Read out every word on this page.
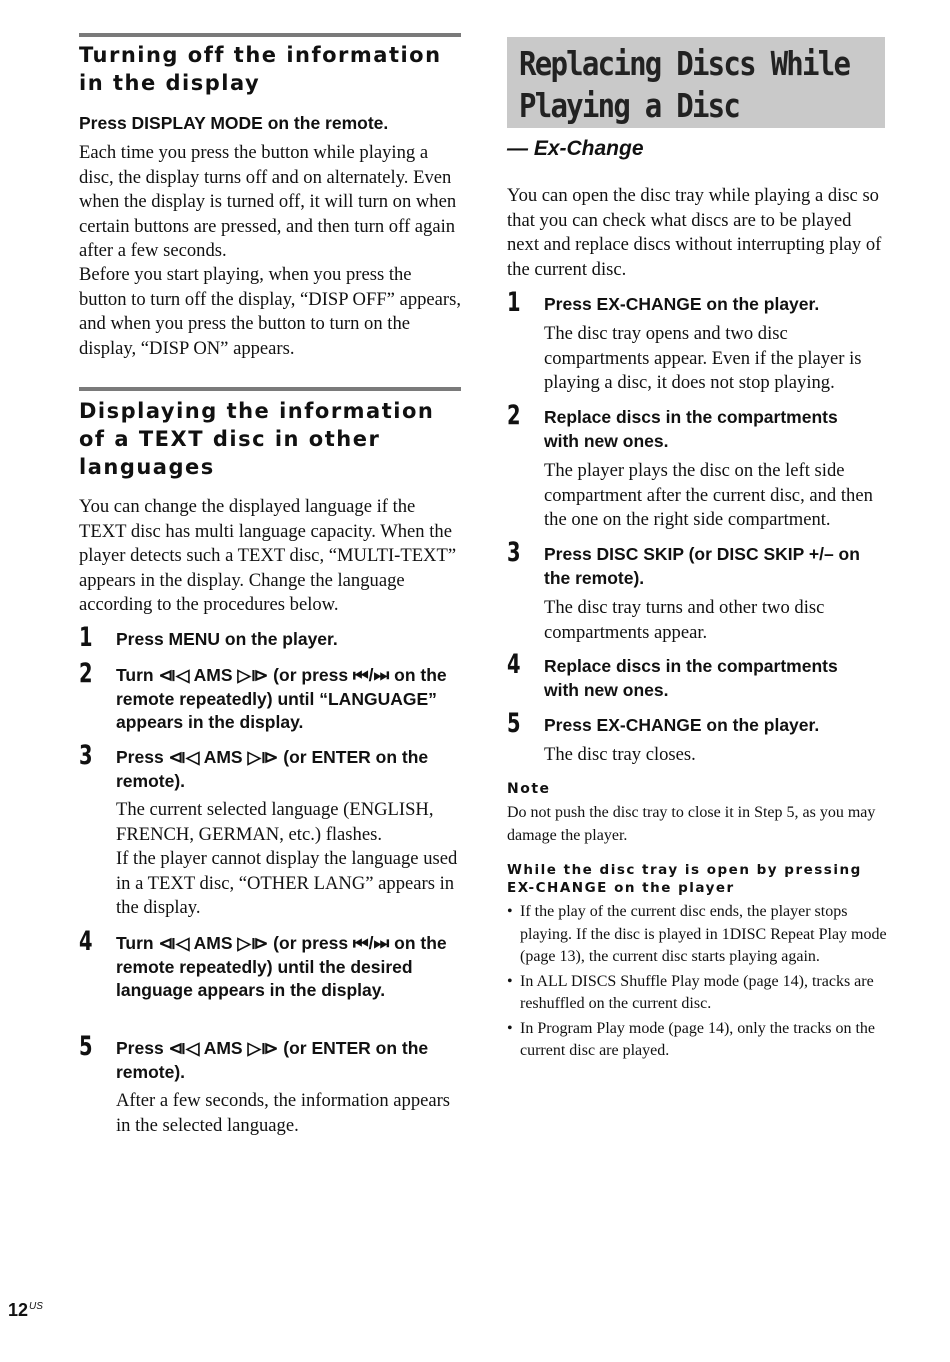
Turning off the information in the display

Press DISPLAY MODE on the remote.

Each time you press the button while playing a disc, the display turns off and on alternately. Even when the display is turned off, it will turn on when certain buttons are pressed, and then turn off again after a few seconds.

Before you start playing, when you press the button to turn off the display, “DISP OFF” appears, and when you press the button to turn on the display, “DISP ON” appears.

Displaying the information of a TEXT disc in other languages

You can change the displayed language if the TEXT disc has multi language capacity. When the player detects such a TEXT disc, “MULTI-TEXT” appears in the display. Change the language according to the procedures below.

1 Press MENU on the player.

2 Turn ⧏◁ AMS ▷⧐ (or press ⏮/⏭ on the remote repeatedly) until “LANGUAGE” appears in the display.

3 Press ⧏◁ AMS ▷⧐ (or ENTER on the remote).

The current selected language (ENGLISH, FRENCH, GERMAN, etc.) flashes.

If the player cannot display the language used in a TEXT disc, “OTHER LANG” appears in the display.

4 Turn ⧏◁ AMS ▷⧐ (or press ⏮/⏭ on the remote repeatedly) until the desired language appears in the display.

5 Press ⧏◁ AMS ▷⧐ (or ENTER on the remote).

After a few seconds, the information appears in the selected language.

Replacing Discs While
Playing a Disc

— Ex-Change

You can open the disc tray while playing a disc so that you can check what discs are to be played next and replace discs without interrupting play of the current disc.

1 Press EX-CHANGE on the player.

The disc tray opens and two disc compartments appear. Even if the player is playing a disc, it does not stop playing.

2 Replace discs in the compartments with new ones.

The player plays the disc on the left side compartment after the current disc, and then the one on the right side compartment.

3 Press DISC SKIP (or DISC SKIP +/– on the remote).

The disc tray turns and other two disc compartments appear.

4 Replace discs in the compartments with new ones.

5 Press EX-CHANGE on the player.

The disc tray closes.

Note

Do not push the disc tray to close it in Step 5, as you may damage the player.

While the disc tray is open by pressing EX-CHANGE on the player

• If the play of the current disc ends, the player stops playing. If the disc is played in 1DISC Repeat Play mode (page 13), the current disc starts playing again.
• In ALL DISCS Shuffle Play mode (page 14), tracks are reshuffled on the current disc.
• In Program Play mode (page 14), only the tracks on the current disc are played.
$12^{US}$
